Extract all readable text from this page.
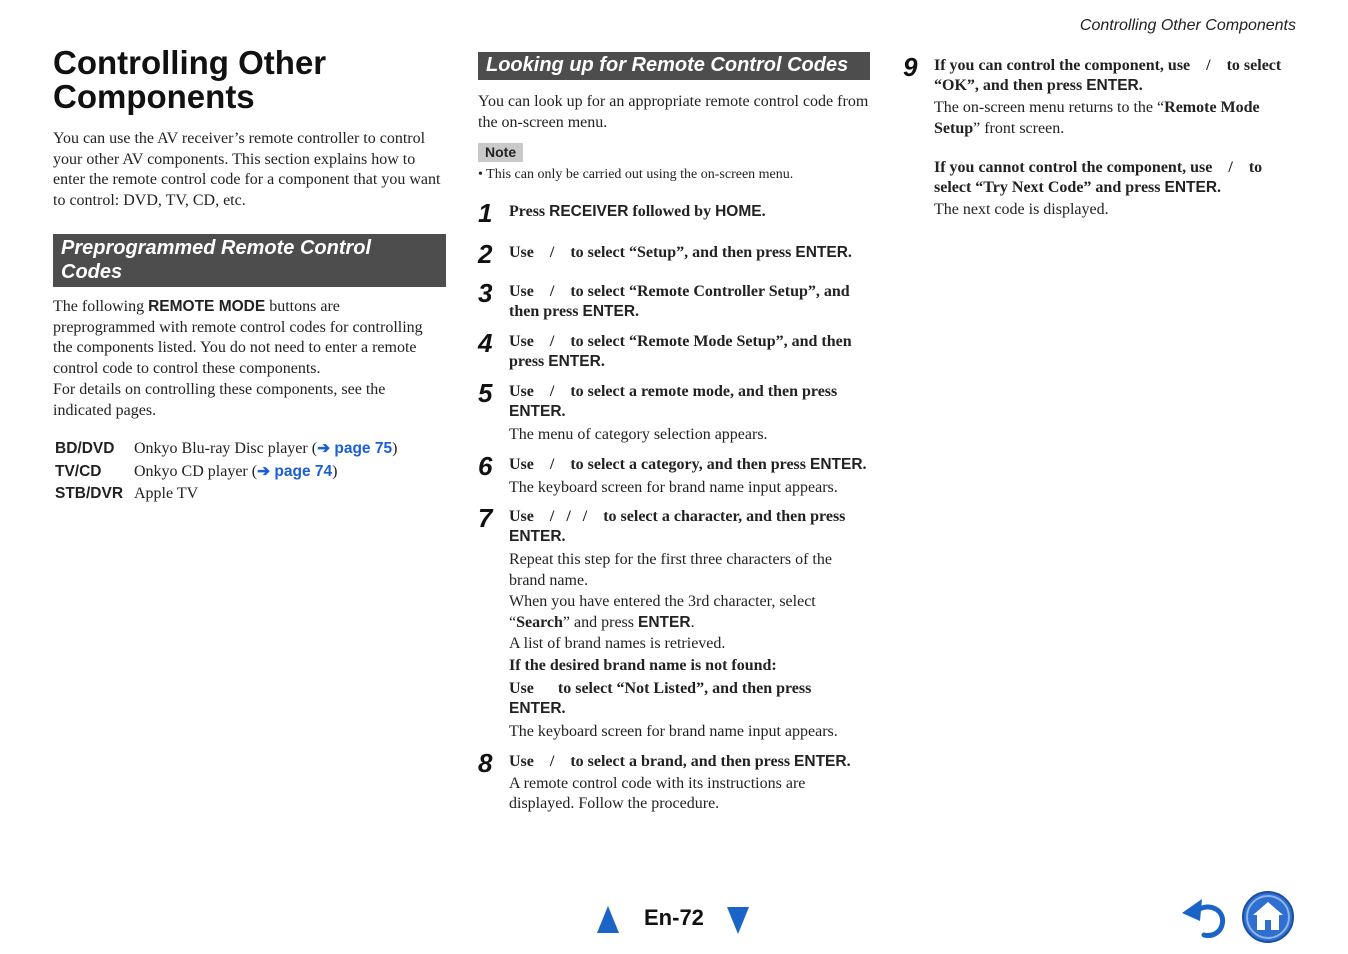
Controlling Other Components
Controlling Other
Components

You can use the AV receiver’s remote controller to control your other AV components. This section explains how to enter the remote control code for a component that you want to control: DVD, TV, CD, etc.

Preprogrammed Remote Control
Codes

The following REMOTE MODE buttons are preprogrammed with remote control codes for controlling the components listed. You do not need to enter a remote control code to control these components.

For details on controlling these components, see the indicated pages.

BD/DVD	Onkyo Blu-ray Disc player (➔ page 75)
TV/CD	Onkyo CD player (➔ page 74)
STB/DVR	Apple TV
Looking up for Remote Control Codes

You can look up for an appropriate remote control code from the on-screen menu.

Note
• This can only be carried out using the on-screen menu.
1 Press RECEIVER followed by HOME.
2 Use    /    to select “Setup”, and then press ENTER.
3 Use    /    to select “Remote Controller Setup”, and then press ENTER.
4 Use    /    to select “Remote Mode Setup”, and then press ENTER.
5 Use    /    to select a remote mode, and then press ENTER.
The menu of category selection appears.
6 Use    /    to select a category, and then press ENTER.
The keyboard screen for brand name input appears.
7 Use    /   /   /    to select a character, and then press ENTER.
Repeat this step for the first three characters of the brand name.
When you have entered the 3rd character, select “Search” and press ENTER.
A list of brand names is retrieved.
If the desired brand name is not found:
Use      to select “Not Listed”, and then press ENTER.
The keyboard screen for brand name input appears.
8 Use    /    to select a brand, and then press ENTER.
A remote control code with its instructions are displayed. Follow the procedure.
9 If you can control the component, use    /    to select “OK”, and then press ENTER.
The on-screen menu returns to the “Remote Mode Setup” front screen.
If you cannot control the component, use    /    to select “Try Next Code” and press ENTER.
The next code is displayed.
En-72
